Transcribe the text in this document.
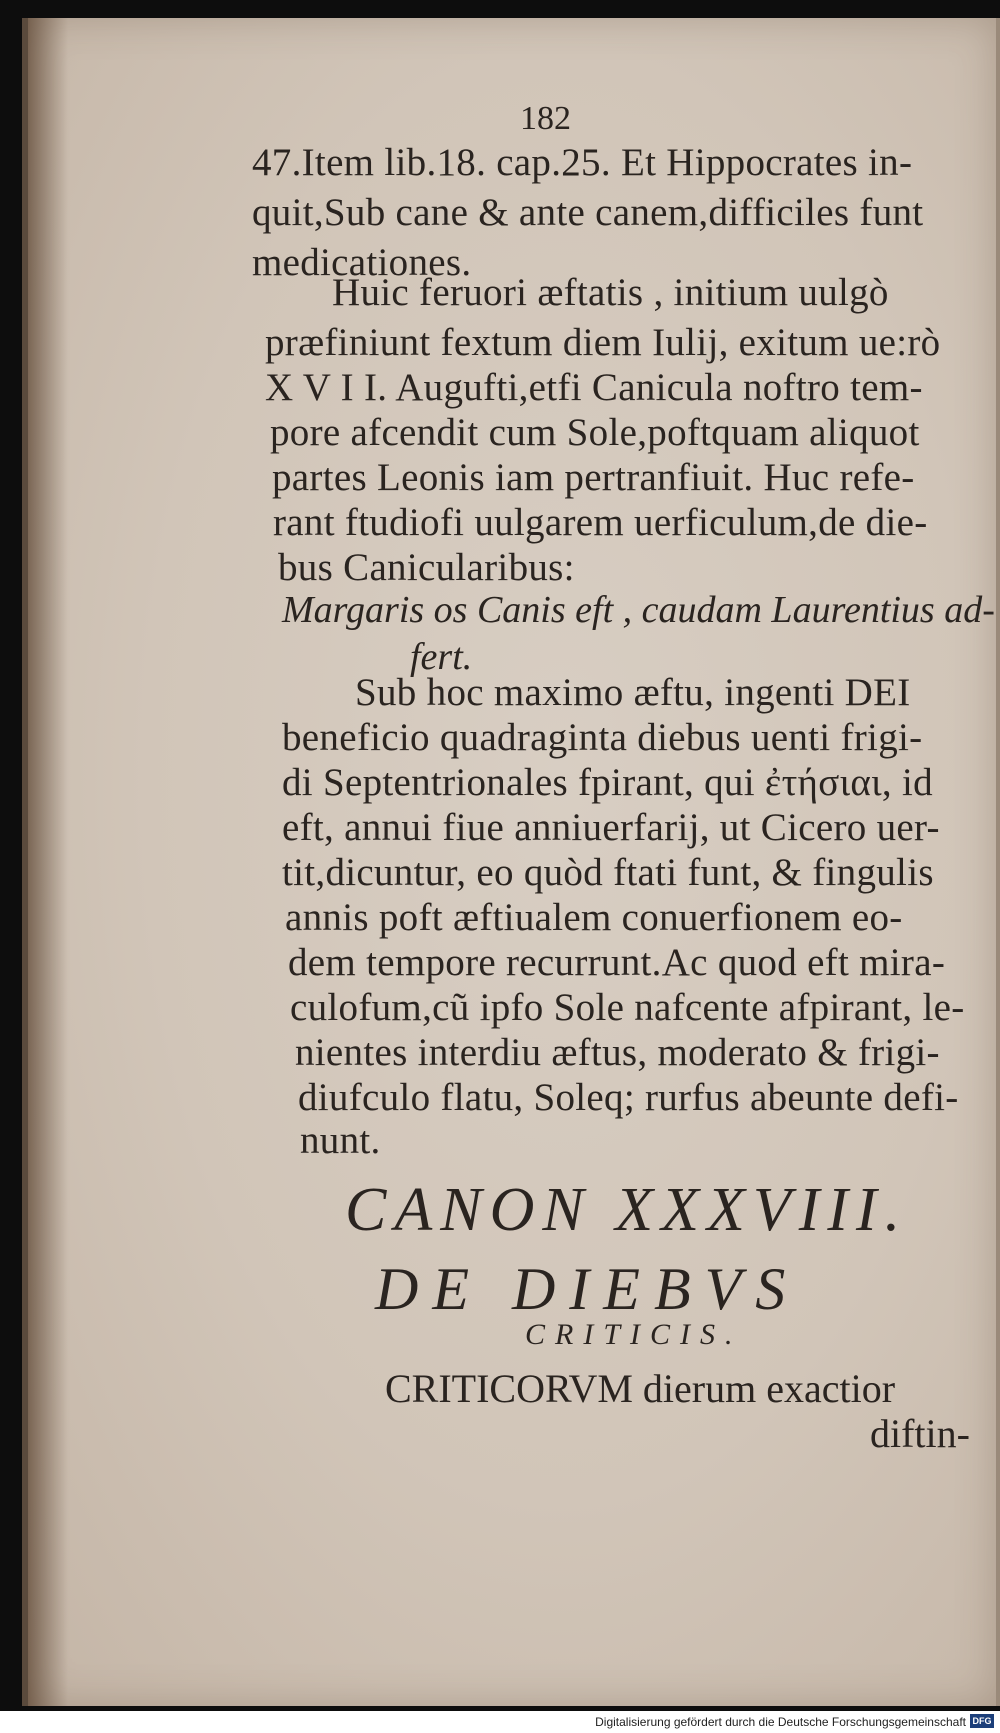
182
47.Item lib.18. cap.25. Et Hippocrates in-
quit,Sub cane & ante canem,difficiles funt
medicationes.
Huic feruori æftatis , initium uulgò
præfiniunt fextum diem Iulij, exitum ue:rò
X V I I. Augufti,etfi Canicula noftro tem-
pore afcendit cum Sole,poftquam aliquot
partes Leonis iam pertranfiuit. Huc refe-
rant ftudiofi uulgarem uerficulum,de die-
bus Canicularibus:
Margaris os Canis eft , caudam Laurentius ad-
fert.
Sub hoc maximo æftu, ingenti DEI
beneficio quadraginta diebus uenti frigi-
di Septentrionales fpirant, qui ἐτήσιαι, id
eft, annui fiue anniuerfarij, ut Cicero uer-
tit,dicuntur, eo quòd ftati funt, & fingulis
annis poft æftiualem conuerfionem eo-
dem tempore recurrunt.Ac quod eft mira-
culofum,cũ ipfo Sole nafcente afpirant, le-
nientes interdiu æftus, moderato & frigi-
diufculo flatu, Soleq; rurfus abeunte defi-
nunt.
CANON XXXVIII.
DE DIEBVS
CRITICIS.
CRITICORVM dierum exactior
diftin-
Digitalisierung gefördert durch die Deutsche Forschungsgemeinschaft DFG
